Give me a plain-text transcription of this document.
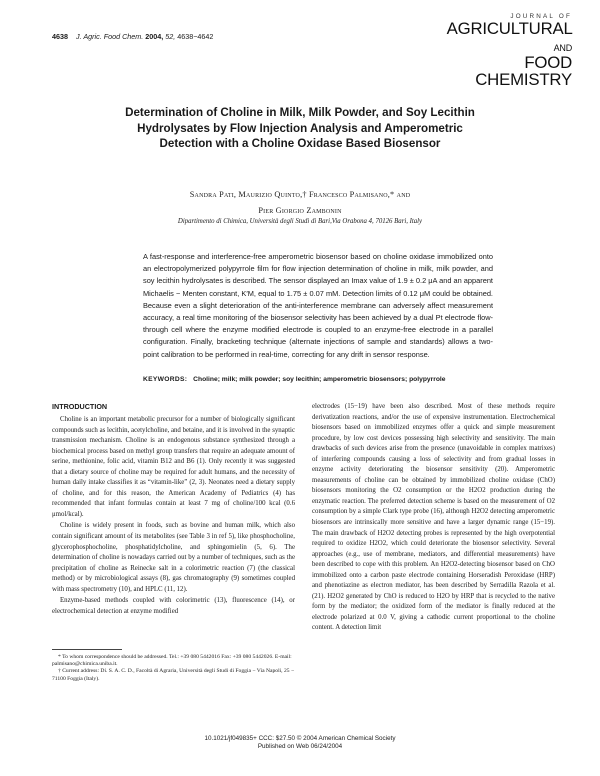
4638 J. Agric. Food Chem. 2004, 52, 4638−4642
JOURNAL OF
AGRICULTURAL AND
FOOD CHEMISTRY
Determination of Choline in Milk, Milk Powder, and Soy Lecithin Hydrolysates by Flow Injection Analysis and Amperometric Detection with a Choline Oxidase Based Biosensor
Sandra Pati, Maurizio Quinto,† Francesco Palmisano,* and
Pier Giorgio Zambonin
Dipartimento di Chimica, Università degli Studi di Bari,Via Orabona 4, 70126 Bari, Italy
A fast-response and interference-free amperometric biosensor based on choline oxidase immobilized onto an electropolymerized polypyrrole film for flow injection determination of choline in milk, milk powder, and soy lecithin hydrolysates is described. The sensor displayed an Imax value of 1.9 ± 0.2 μA and an apparent Michaelis − Menten constant, K′M, equal to 1.75 ± 0.07 mM. Detection limits of 0.12 μM could be obtained. Because even a slight deterioration of the anti-interference membrane can adversely affect measurement accuracy, a real time monitoring of the biosensor selectivity has been achieved by a dual Pt electrode flow-through cell where the enzyme modified electrode is coupled to an enzyme-free electrode in a parallel configuration. Finally, bracketing technique (alternate injections of sample and standards) allows a two-point calibration to be performed in real-time, correcting for any drift in sensor response.
KEYWORDS: Choline; milk; milk powder; soy lecithin; amperometric biosensors; polypyrrole
INTRODUCTION

Choline is an important metabolic precursor for a number of biologically significant compounds such as lecithin, acetylcholine, and betaine, and it is involved in the synaptic transmission mechanism. Choline is an endogenous substance synthesized through a biochemical process based on methyl group transfers that require an adequate amount of serine, methionine, folic acid, vitamin B12 and B6 (1). Only recently it was suggested that a dietary source of choline may be required for adult humans, and the necessity of human daily intake classifies it as “vitamin-like” (2, 3). Neonates need a dietary supply of choline, and for this reason, the American Academy of Pediatrics (4) has recommended that infant formulas contain at least 7 mg of choline/100 kcal (0.6 μmol/kcal).

Choline is widely present in foods, such as bovine and human milk, which also contain significant amount of its metabolites (see Table 3 in ref 5), like phosphocholine, glycerophosphocholine, phosphatidylcholine, and sphingomielin (5, 6). The determination of choline is nowadays carried out by a number of techniques, such as the precipitation of choline as Reinecke salt in a colorimetric reaction (7) (the classical method) or by microbiological assays (8), gas chromatography (9) sometimes coupled with mass spectrometry (10), and HPLC (11, 12).

Enzyme-based methods coupled with colorimetric (13), fluorescence (14), or electrochemical detection at enzyme modified

electrodes (15−19) have been also described. Most of these methods require derivatization reactions, and/or the use of expensive instrumentation. Electrochemical biosensors based on immobilized enzymes offer a quick and simple measurement procedure, by low cost devices possessing high selectivity and sensitivity. The main drawbacks of such devices arise from the presence (unavoidable in complex matrixes) of interfering compounds causing a loss of selectivity and from gradual losses in enzyme activity deteriorating the biosensor sensitivity (20). Amperometric measurements of choline can be obtained by immobilized choline oxidase (ChO) biosensors monitoring the O2 consumption or the H2O2 production during the enzymatic reaction. The preferred detection scheme is based on the measurement of O2 consumption by a simple Clark type probe (16), although H2O2 detecting amperometric biosensors are intrinsically more sensitive and have a larger dynamic range (15−19). The main drawback of H2O2 detecting probes is represented by the high overpotential required to oxidize H2O2, which could deteriorate the biosensor selectivity. Several approaches (e.g., use of membrane, mediators, and differential measurements) have been described to cope with this problem. An H2O2-detecting biosensor based on ChO immobilized onto a carbon paste electrode containing Horseradish Peroxidase (HRP) and phenotiazine as electron mediator, has been described by Serradilla Razola et al. (21). H2O2 generated by ChO is reduced to H2O by HRP that is recycled to the native form by the mediator; the oxidized form of the mediator is finally reduced at the electrode polarized at 0.0 V, giving a cathodic current proportional to the choline content. A detection limit

* To whom correspondence should be addressed. Tel.: +39 080 5442016 Fax: +39 080 5442026. E-mail: palmisano@chimica.uniba.it.
† Current address: Di. S. A. C. D., Facoltà di Agraria, Università degli Studi di Foggia − Via Napoli, 25 − 71100 Foggia (Italy).
10.1021/jf049835+ CCC: $27.50 © 2004 American Chemical Society
Published on Web 06/24/2004
